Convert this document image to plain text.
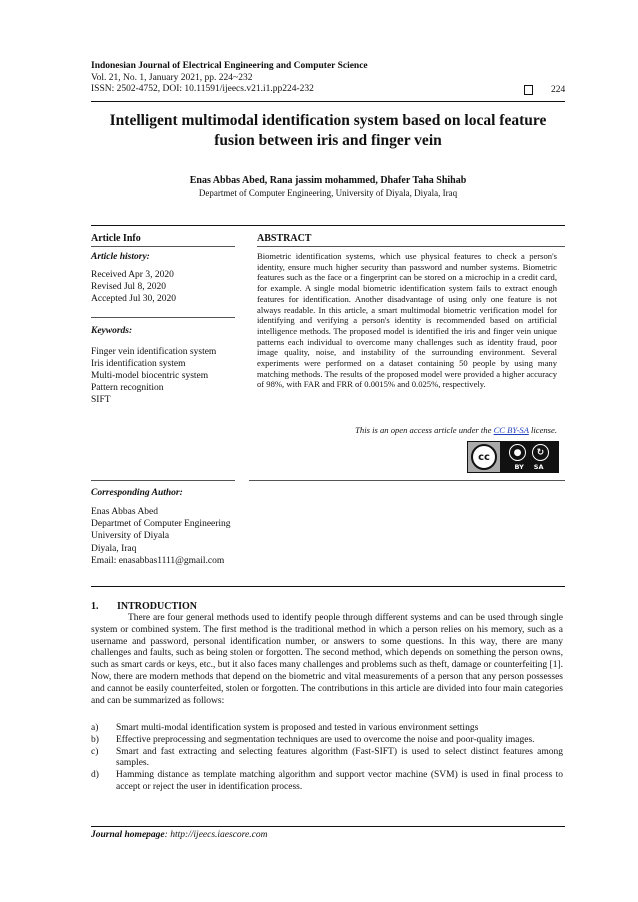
Indonesian Journal of Electrical Engineering and Computer Science
Vol. 21, No. 1, January 2021, pp. 224~232
ISSN: 2502-4752, DOI: 10.11591/ijeecs.v21.i1.pp224-232	224
Intelligent multimodal identification system based on local feature fusion between iris and finger vein
Enas Abbas Abed, Rana jassim mohammed, Dhafer Taha Shihab
Departmet of Computer Engineering, University of Diyala, Diyala, Iraq
Article Info	ABSTRACT
Article history:
Received Apr 3, 2020
Revised Jul 8, 2020
Accepted Jul 30, 2020
Keywords:
Finger vein identification system
Iris identification system
Multi-model biocentric system
Pattern recognition
SIFT
Biometric identification systems, which use physical features to check a person's identity, ensure much higher security than password and number systems. Biometric features such as the face or a fingerprint can be stored on a microchip in a credit card, for example. A single modal biometric identification system fails to extract enough features for identification. Another disadvantage of using only one feature is not always readable. In this article, a smart multimodal biometric verification model for identifying and verifying a person's identity is recommended based on artificial intelligence methods. The proposed model is identified the iris and finger vein unique patterns each individual to overcome many challenges such as identity fraud, poor image quality, noise, and instability of the surrounding environment. Several experiments were performed on a dataset containing 50 people by using many matching methods. The results of the proposed model were provided a higher accuracy of 98%, with FAR and FRR of 0.0015% and 0.025%, respectively.
This is an open access article under the CC BY-SA license.
cc	●	↻
BY SA
Corresponding Author:
Enas Abbas Abed
Departmet of Computer Engineering
University of Diyala
Diyala, Iraq
Email: enasabbas1111@gmail.com
1. INTRODUCTION

There are four general methods used to identify people through different systems and can be used through single system or combined system. The first method is the traditional method in which a person relies on his memory, such as a username and password, personal identification number, or answers to some questions. In this way, there are many challenges and faults, such as being stolen or forgotten. The second method, which depends on something the person owns, such as smart cards or keys, etc., but it also faces many challenges and problems such as theft, damage or counterfeiting [1]. Now, there are modern methods that depend on the biometric and vital measurements of a person that any person possesses and cannot be easily counterfeited, stolen or forgotten. The contributions in this article are divided into four main categories and can be summarized as follows:

a)	Smart multi-modal identification system is proposed and tested in various environment settings
b)	Effective preprocessing and segmentation techniques are used to overcome the noise and poor-quality images.
c)	Smart and fast extracting and selecting features algorithm (Fast-SIFT) is used to select distinct features among samples.
d)	Hamming distance as template matching algorithm and support vector machine (SVM) is used in final process to accept or reject the user in identification process.
Journal homepage: http://ijeecs.iaescore.com
